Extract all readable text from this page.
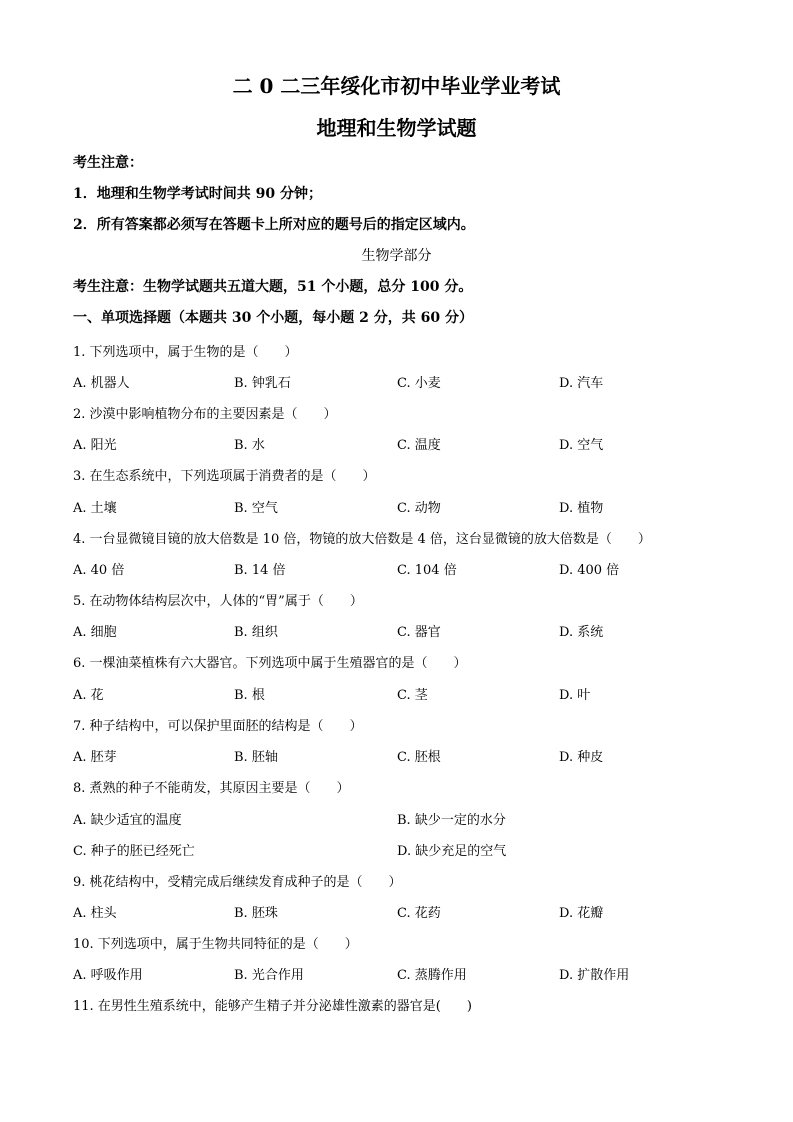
二 0 二三年绥化市初中毕业学业考试
地理和生物学试题
考生注意：
1．地理和生物学考试时间共 90 分钟；
2．所有答案都必须写在答题卡上所对应的题号后的指定区域内。
生物学部分
考生注意：生物学试题共五道大题，51 个小题，总分 100 分。
一、单项选择题（本题共 30 个小题，每小题 2 分，共 60 分）
1. 下列选项中，属于生物的是（　　）
A. 机器人	B. 钟乳石	C. 小麦	D. 汽车
2. 沙漠中影响植物分布的主要因素是（　　）
A. 阳光	B. 水	C. 温度	D. 空气
3. 在生态系统中，下列选项属于消费者的是（　　）
A. 土壤	B. 空气	C. 动物	D. 植物
4. 一台显微镜目镜的放大倍数是 10 倍，物镜的放大倍数是 4 倍，这台显微镜的放大倍数是（　　）
A. 40 倍	B. 14 倍	C. 104 倍	D. 400 倍
5. 在动物体结构层次中，人体的“胃”属于（　　）
A. 细胞	B. 组织	C. 器官	D. 系统
6. 一棵油菜植株有六大器官。下列选项中属于生殖器官的是（　　）
A. 花	B. 根	C. 茎	D. 叶
7. 种子结构中，可以保护里面胚的结构是（　　）
A. 胚芽	B. 胚轴	C. 胚根	D. 种皮
8. 煮熟的种子不能萌发，其原因主要是（　　）
A. 缺少适宜的温度	B. 缺少一定的水分
C. 种子的胚已经死亡	D. 缺少充足的空气
9. 桃花结构中，受精完成后继续发育成种子的是（　　）
A. 柱头	B. 胚珠	C. 花药	D. 花瓣
10. 下列选项中，属于生物共同特征的是（　　）
A. 呼吸作用	B. 光合作用	C. 蒸腾作用	D. 扩散作用
11. 在男性生殖系统中，能够产生精子并分泌雄性激素的器官是(　　)
